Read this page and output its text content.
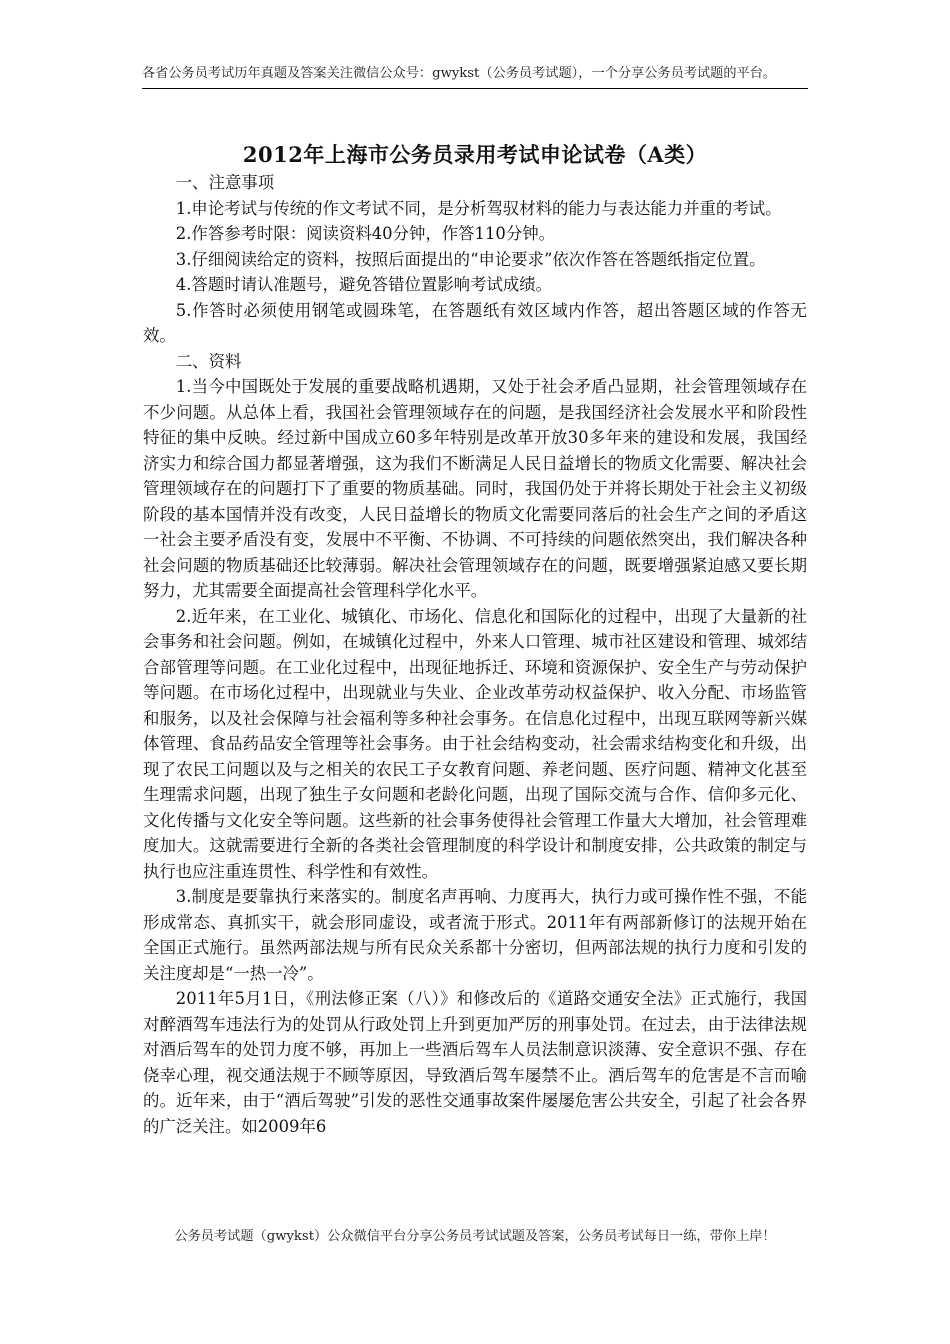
各省公务员考试历年真题及答案关注微信公众号：gwykst（公务员考试题），一个分享公务员考试题的平台。
2012年上海市公务员录用考试申论试卷（A类）

一、注意事项

1.申论考试与传统的作文考试不同，是分析驾驭材料的能力与表达能力并重的考试。

2.作答参考时限：阅读资料40分钟，作答110分钟。

3.仔细阅读给定的资料，按照后面提出的“申论要求”依次作答在答题纸指定位置。

4.答题时请认准题号，避免答错位置影响考试成绩。

5.作答时必须使用钢笔或圆珠笔，在答题纸有效区域内作答，超出答题区域的作答无效。

二、资料

1.当今中国既处于发展的重要战略机遇期，又处于社会矛盾凸显期，社会管理领域存在不少问题。从总体上看，我国社会管理领域存在的问题，是我国经济社会发展水平和阶段性特征的集中反映。经过新中国成立60多年特别是改革开放30多年来的建设和发展，我国经济实力和综合国力都显著增强，这为我们不断满足人民日益增长的物质文化需要、解决社会管理领域存在的问题打下了重要的物质基础。同时，我国仍处于并将长期处于社会主义初级阶段的基本国情并没有改变，人民日益增长的物质文化需要同落后的社会生产之间的矛盾这一社会主要矛盾没有变，发展中不平衡、不协调、不可持续的问题依然突出，我们解决各种社会问题的物质基础还比较薄弱。解决社会管理领域存在的问题，既要增强紧迫感又要长期努力，尤其需要全面提高社会管理科学化水平。

2.近年来，在工业化、城镇化、市场化、信息化和国际化的过程中，出现了大量新的社会事务和社会问题。例如，在城镇化过程中，外来人口管理、城市社区建设和管理、城郊结合部管理等问题。在工业化过程中，出现征地拆迁、环境和资源保护、安全生产与劳动保护等问题。在市场化过程中，出现就业与失业、企业改革劳动权益保护、收入分配、市场监管和服务，以及社会保障与社会福利等多种社会事务。在信息化过程中，出现互联网等新兴媒体管理、食品药品安全管理等社会事务。由于社会结构变动，社会需求结构变化和升级，出现了农民工问题以及与之相关的农民工子女教育问题、养老问题、医疗问题、精神文化甚至生理需求问题，出现了独生子女问题和老龄化问题，出现了国际交流与合作、信仰多元化、文化传播与文化安全等问题。这些新的社会事务使得社会管理工作量大大增加，社会管理难度加大。这就需要进行全新的各类社会管理制度的科学设计和制度安排，公共政策的制定与执行也应注重连贯性、科学性和有效性。

3.制度是要靠执行来落实的。制度名声再响、力度再大，执行力或可操作性不强，不能形成常态、真抓实干，就会形同虚设，或者流于形式。2011年有两部新修订的法规开始在全国正式施行。虽然两部法规与所有民众关系都十分密切，但两部法规的执行力度和引发的关注度却是“一热一冷”。

2011年5月1日，《刑法修正案（八）》和修改后的《道路交通安全法》正式施行，我国对醉酒驾车违法行为的处罚从行政处罚上升到更加严厉的刑事处罚。在过去，由于法律法规对酒后驾车的处罚力度不够，再加上一些酒后驾车人员法制意识淡薄、安全意识不强、存在侥幸心理，视交通法规于不顾等原因，导致酒后驾车屡禁不止。酒后驾车的危害是不言而喻的。近年来，由于“酒后驾驶”引发的恶性交通事故案件屡屡危害公共安全，引起了社会各界的广泛关注。如2009年6

公务员考试题（gwykst）公众微信平台分享公务员考试试题及答案，公务员考试每日一练，带你上岸！
